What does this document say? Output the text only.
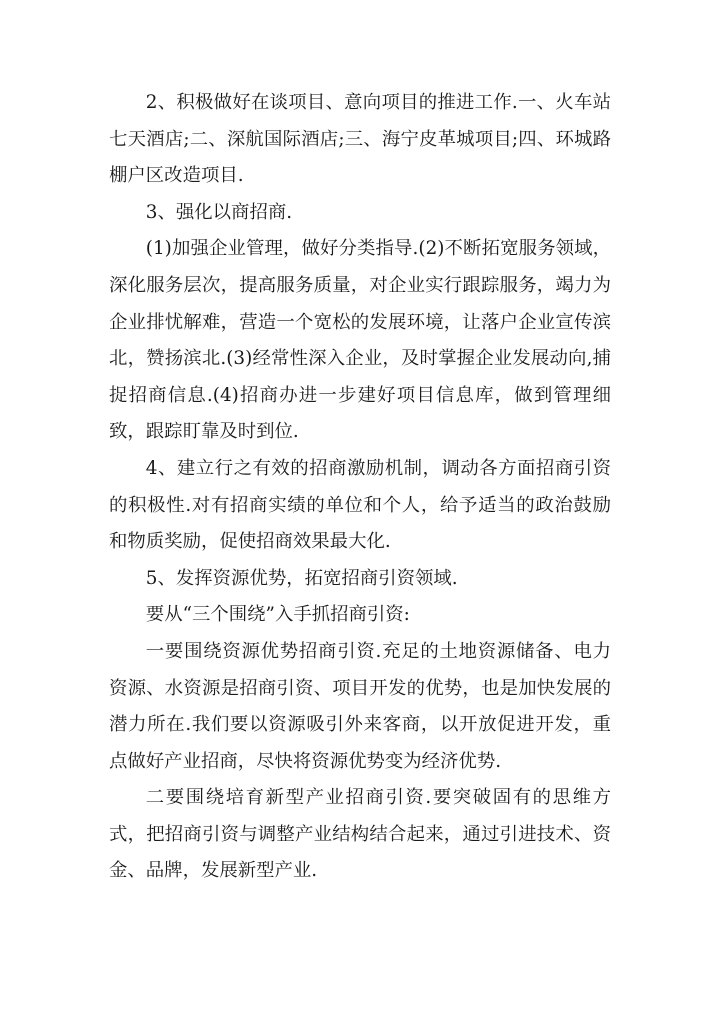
2、积极做好在谈项目、意向项目的推进工作.一、火车站七天酒店;二、深航国际酒店;三、海宁皮革城项目;四、环城路棚户区改造项目.

3、强化以商招商.

(1)加强企业管理，做好分类指导.(2)不断拓宽服务领域，深化服务层次，提高服务质量，对企业实行跟踪服务，竭力为企业排忧解难，营造一个宽松的发展环境，让落户企业宣传滨北，赞扬滨北.(3)经常性深入企业，及时掌握企业发展动向,捕捉招商信息.(4)招商办进一步建好项目信息库，做到管理细致，跟踪盯靠及时到位.

4、建立行之有效的招商激励机制，调动各方面招商引资的积极性.对有招商实绩的单位和个人，给予适当的政治鼓励和物质奖励，促使招商效果最大化.

5、发挥资源优势，拓宽招商引资领域.

要从“三个围绕”入手抓招商引资:

一要围绕资源优势招商引资.充足的土地资源储备、电力资源、水资源是招商引资、项目开发的优势，也是加快发展的潜力所在.我们要以资源吸引外来客商，以开放促进开发，重点做好产业招商，尽快将资源优势变为经济优势.

二要围绕培育新型产业招商引资.要突破固有的思维方式，把招商引资与调整产业结构结合起来，通过引进技术、资金、品牌，发展新型产业.
